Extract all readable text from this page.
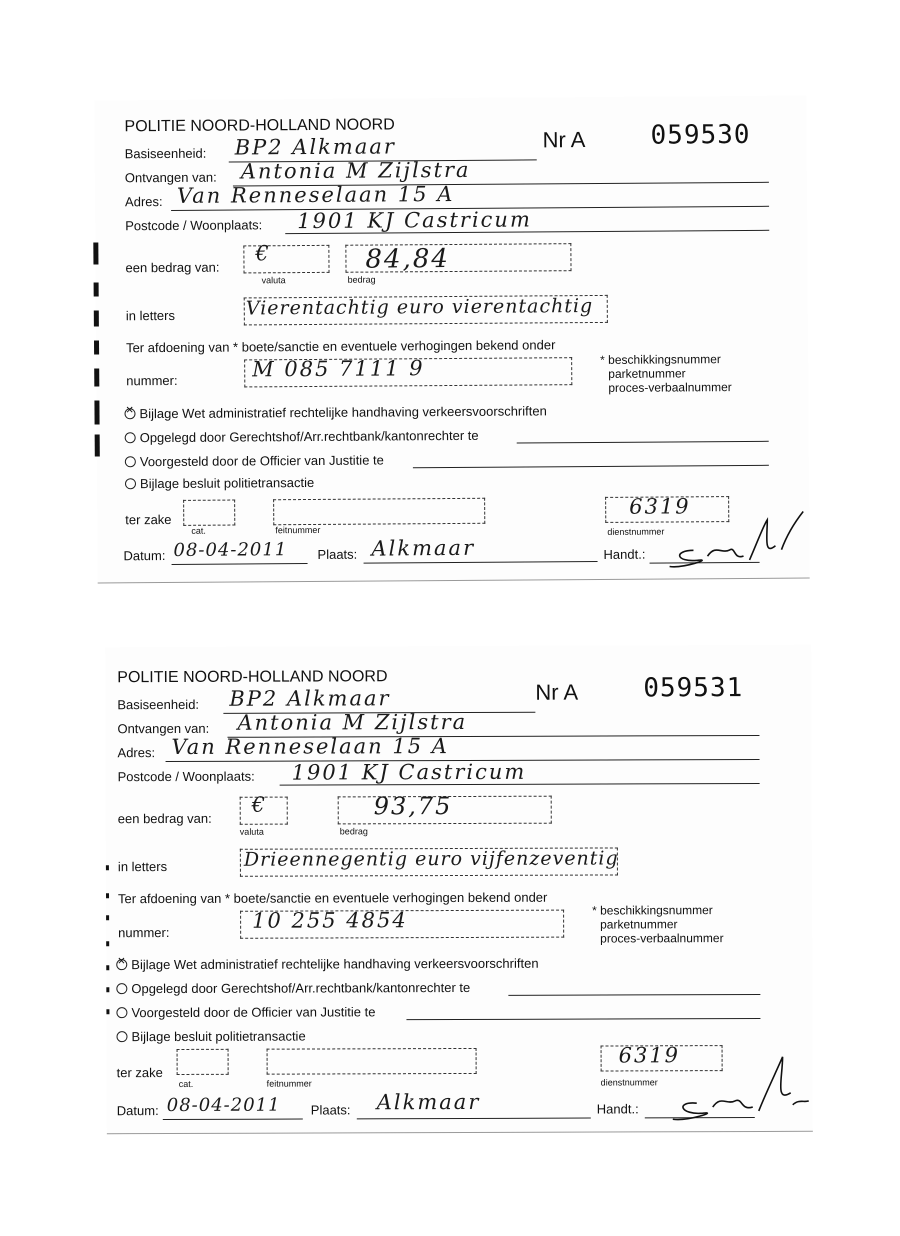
POLITIE NOORD-HOLLAND NOORD
Nr A 059530
Basiseenheid: BP2 Alkmaar
Ontvangen van: Antonia M Zijlstra
Adres: Van Renneselaan 15 A
Postcode / Woonplaats: 1901 KJ Castricum
een bedrag van:
€
valuta
84,84
bedrag
in letters	Vierentachtig euro vierentachtig
Ter afdoening van * boete/sanctie en eventuele verhogingen bekend onder
nummer:	M 085 7111 9	* beschikkingsnummer
parketnummer
proces-verbaalnummer
✕Bijlage Wet administratief rechtelijke handhaving verkeersvoorschriften
Opgelegd door Gerechtshof/Arr.rechtbank/kantonrechter te
Voorgesteld door de Officier van Justitie te
Bijlage besluit politietransactie
ter zake
cat.	feitnummer
6319
dienstnummer
Datum: 08-04-2011 Plaats: Alkmaar	Handt.:
POLITIE NOORD-HOLLAND NOORD
Nr A	059531
Basiseenheid: BP2 Alkmaar
Ontvangen van: Antonia M Zijlstra
Adres: Van Renneselaan 15 A
Postcode / Woonplaats: 1901 KJ Castricum
een bedrag van:
€
valuta
93,75
bedrag
in letters	Drieennegentig euro vijfenzeventig
Ter afdoening van * boete/sanctie en eventuele verhogingen bekend onder
nummer:	10 255 4854	* beschikkingsnummer
parketnummer
proces-verbaalnummer
✕Bijlage Wet administratief rechtelijke handhaving verkeersvoorschriften
Opgelegd door Gerechtshof/Arr.rechtbank/kantonrechter te
Voorgesteld door de Officier van Justitie te
Bijlage besluit politietransactie
ter zake
cat.	feitnummer
6319
dienstnummer
Datum: 08-04-2011 Plaats: Alkmaar	Handt.:
